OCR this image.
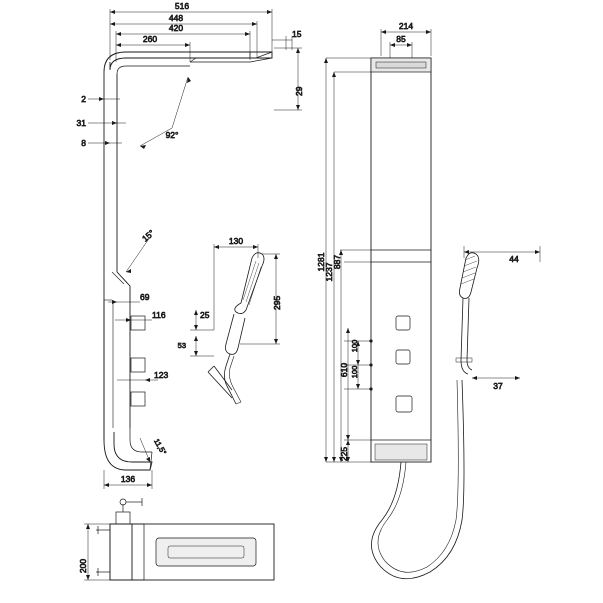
516
448
420
260	15
29
2
31
8
92°
15°
69
116
123
11,5°
136
130
25
53
295
214
85
1281
1237
887
610
100
100
225
44
37
200
